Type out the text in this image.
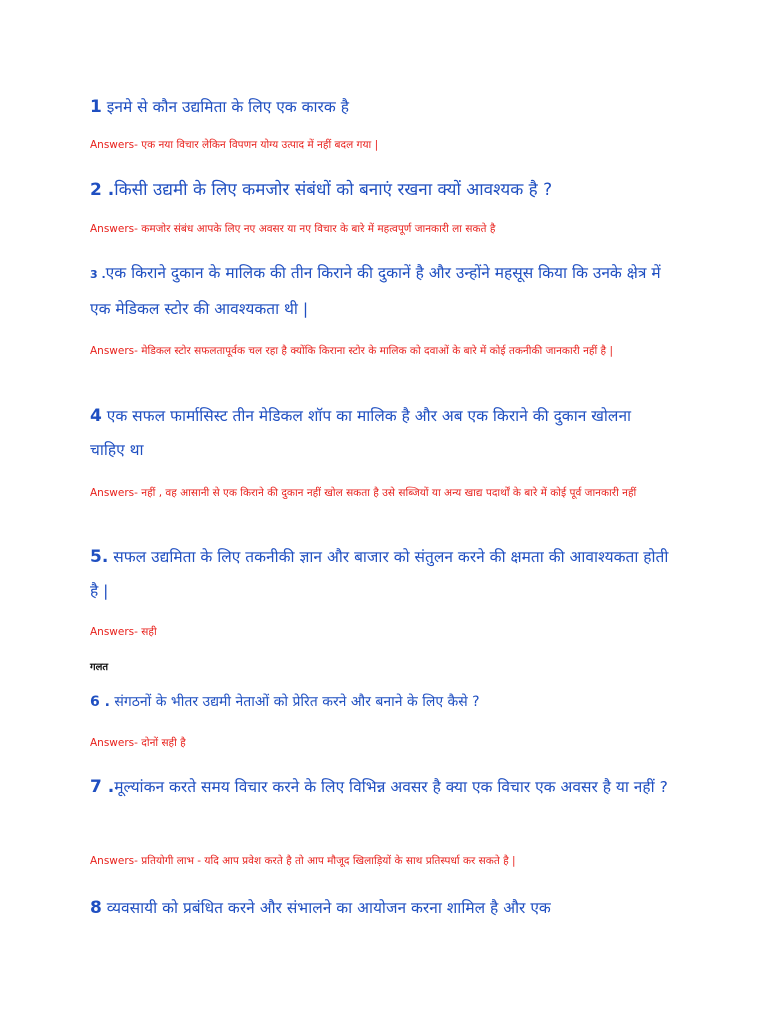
1 इनमे से कौन उद्यमिता के लिए एक कारक है

Answers- एक नया विचार लेकिन विपणन योग्य उत्पाद में नहीं बदल गया |

2 .किसी उद्यमी के लिए कमजोर संबंधों को बनाएं रखना क्यों आवश्यक है ?

Answers- कमजोर संबंध आपके लिए नए अवसर या नए विचार के बारे में महत्वपूर्ण जानकारी ला सकते है

3 .एक किराने दुकान के मालिक की तीन किराने की दुकानें है और उन्होंने महसूस किया कि उनके क्षेत्र में एक मेडिकल स्टोर की आवश्यकता थी |

Answers- मेडिकल स्टोर सफलतापूर्वक चल रहा है क्योंकि किराना स्टोर के मालिक को दवाओं के बारे में कोई तकनीकी जानकारी नहीं है |

4 एक सफल फार्मासिस्ट तीन मेडिकल शॉप का मालिक है और अब एक किराने की दुकान खोलना चाहिए था

Answers- नहीं , वह आसानी से एक किराने की दुकान नहीं खोल सकता है उसे सब्जियों या अन्य खाद्य पदार्थों के बारे में कोई पूर्व जानकारी नहीं

5. सफल उद्यमिता के लिए तकनीकी ज्ञान और बाजार को संतुलन करने की क्षमता की आवाश्यकता होती है |

Answers- सही

गलत

6 . संगठनों के भीतर उद्यमी नेताओं को प्रेरित करने और बनाने के लिए कैसे ?

Answers- दोनों सही है

7 .मूल्यांकन करते समय विचार करने के लिए विभिन्न अवसर है क्या एक विचार एक अवसर है या नहीं ?

Answers- प्रतियोगी लाभ - यदि आप प्रवेश करते है तो आप मौजूद खिलाड़ियों के साथ प्रतिस्पर्धा कर सकते है |

8 व्यवसायी को प्रबंधित करने और संभालने का आयोजन करना शामिल है और एक
